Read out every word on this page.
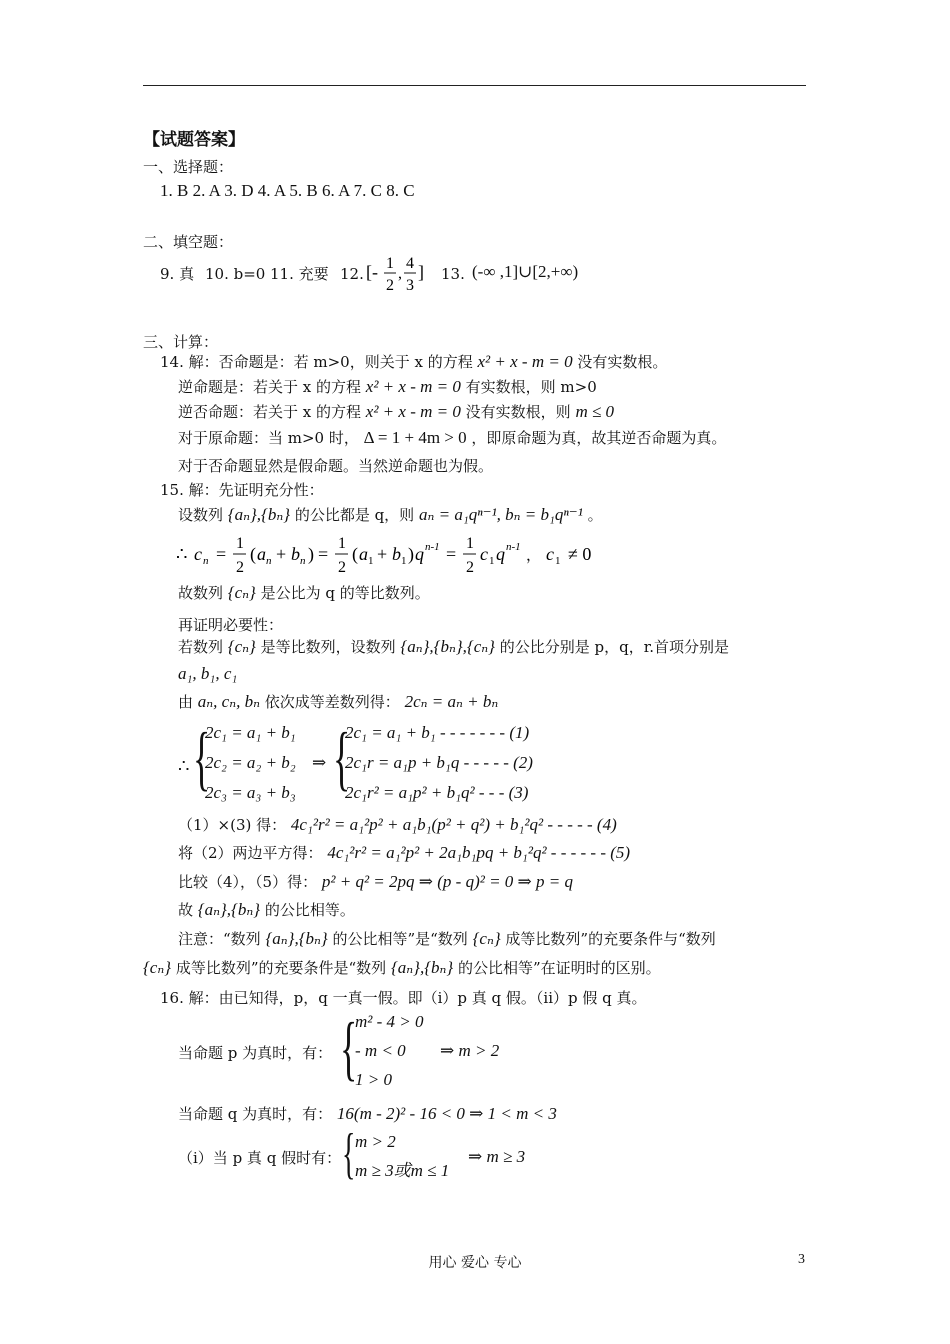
【试题答案】
一、选择题：
1. B 2. A 3. D 4. A 5. B 6. A 7. C 8. C
二、填空题：
9. 真 10. b=0 11. 充要 12. [- 1
2
,
4
3
] 13. (-∞ ,1]∪[2,+∞)
三、计算：
14. 解：否命题是：若 m>0，则关于 x 的方程 x² + x - m = 0 没有实数根。
逆命题是：若关于 x 的方程 x² + x - m = 0 有实数根，则 m>0
逆否命题：若关于 x 的方程 x² + x - m = 0 没有实数根，则 m ≤ 0
对于原命题：当 m>0 时， Δ = 1 + 4m > 0 ，即原命题为真，故其逆否命题为真。
对于否命题显然是假命题。当然逆命题也为假。
15. 解：先证明充分性：
设数列 {aₙ},{bₙ} 的公比都是 q，则 aₙ = a₁qⁿ⁻¹, bₙ = b₁qⁿ⁻¹ 。
∴ c n =
1
2
( a n + b n ) =
1
2
( a 1 + b 1 ) q n-1 =
1
2
c 1 q n-1
， c 1 ≠ 0
故数列 {cₙ} 是公比为 q 的等比数列。
再证明必要性：
若数列 {cₙ} 是等比数列，设数列 {aₙ},{bₙ},{cₙ} 的公比分别是 p，q，r.首项分别是
a₁, b₁, c₁
由 aₙ, cₙ, bₙ 依次成等差数列得： 2cₙ = aₙ + bₙ
∴ {
2c₁ = a₁ + b₁
2c₂ = a₂ + b₂
2c₃ = a₃ + b₃
⇒ {
2c₁ = a₁ + b₁ - - - - - - - (1)
2c₁r = a₁p + b₁q - - - - - (2)
2c₁r² = a₁p² + b₁q² - - - (3)
（1）×(3) 得： 4c₁²r² = a₁²p² + a₁b₁(p² + q²) + b₁²q² - - - - - (4)
将（2）两边平方得： 4c₁²r² = a₁²p² + 2a₁b₁pq + b₁²q² - - - - - - (5)
比较（4），（5）得： p² + q² = 2pq ⇒ (p - q)² = 0 ⇒ p = q
故 {aₙ},{bₙ} 的公比相等。
注意：“数列 {aₙ},{bₙ} 的公比相等”是“数列 {cₙ} 成等比数列”的充要条件与“数列
{cₙ} 成等比数列”的充要条件是“数列 {aₙ},{bₙ} 的公比相等”在证明时的区别。
16. 解：由已知得，p，q 一真一假。即（i）p 真 q 假。（ii）p 假 q 真。
当命题 p 为真时，有： {
m² - 4 > 0
- m < 0
1 > 0
⇒ m > 2
当命题 q 为真时，有： 16(m - 2)² - 16 < 0 ⇒ 1 < m < 3
（i）当 p 真 q 假时有： { m > 2
m ≥ 3或m ≤ 1
⇒ m ≥ 3
用心 爱心 专心	3
